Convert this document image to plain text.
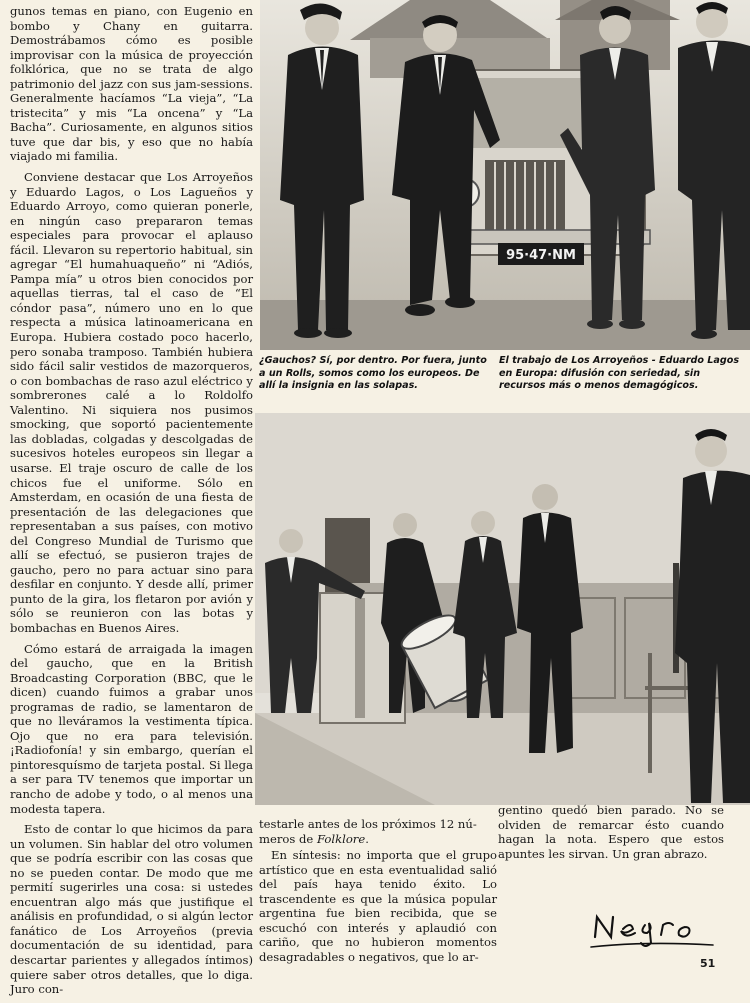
gunos temas en piano, con Eugenio en bombo y Chany en guitarra. Demostrábamos cómo es posible improvisar con la música de proyección folklórica, que no se trata de algo patrimonio del jazz con sus jam-sessions. Generalmente hacíamos “La vieja”, “La tristecita” y mis “La oncena” y “La Bacha”. Curiosamente, en algunos sitios tuve que dar bis, y eso que no había viajado mi familia.

Conviene destacar que Los Arroyeños y Eduardo Lagos, o Los Lagueños y Eduardo Arroyo, como quieran ponerle, en ningún caso prepararon temas especiales para provocar el aplauso fácil. Llevaron su repertorio habitual, sin agregar “El humahuaqueño” ni “Adiós, Pampa mía” u otros bien conocidos por aquellas tierras, tal el caso de “El cóndor pasa”, número uno en lo que respecta a música latinoamericana en Europa. Hubiera costado poco hacerlo, pero sonaba tramposo. También hubiera sido fácil salir vestidos de mazorqueros, o con bombachas de raso azul eléctrico y sombrerones calé a lo Roldolfo Valentino. Ni siquiera nos pusimos smocking, que soportó pacientemente las dobladas, colgadas y descolgadas de sucesivos hoteles europeos sin llegar a usarse. El traje oscuro de calle de los chicos fue el uniforme. Sólo en Amsterdam, en ocasión de una fiesta de presentación de las delegaciones que representaban a sus países, con motivo del Congreso Mundial de Turismo que allí se efectuó, se pusieron trajes de gaucho, pero no para actuar sino para desfilar en conjunto. Y desde allí, primer punto de la gira, los fletaron por avión y sólo se reunieron con las botas y bombachas en Buenos Aires.

Cómo estará de arraigada la imagen del gaucho, que en la British Broadcasting Corporation (BBC, que le dicen) cuando fuimos a grabar unos programas de radio, se lamentaron de que no lleváramos la vestimenta típica. Ojo que no era para televisión. ¡Radiofonía! y sin embargo, querían el pintoresquísmo de tarjeta postal. Si llega a ser para TV tenemos que importar un rancho de adobe y todo, o al menos una modesta tapera.

Esto de contar lo que hicimos da para un volumen. Sin hablar del otro volumen que se podría escribir con las cosas que no se pueden contar. De modo que me permití sugerirles una cosa: si ustedes encuentran algo más que justifique el análisis en profundidad, o si algún lector fanático de Los Arroyeños (previa documentación de su identidad, para descartar parientes y allegados íntimos) quiere saber otros detalles, que lo diga. Juro con-

95·47·NM
¿Gauchos? Sí, por dentro. Por fuera, junto a un Rolls, somos como los europeos. De allí la insignia en las solapas.
El trabajo de Los Arroyeños - Eduardo Lagos en Europa: difusión con seriedad, sin recursos más o menos demagógicos.

testarle antes de los próximos 12 nú-
meros de Folklore.

En síntesis: no importa que el grupo artístico que en esta eventualidad salió del país haya tenido éxito. Lo trascendente es que la música popular argentina fue bien recibida, que se escuchó con interés y aplaudió con cariño, que no hubieron momentos desagradables o negativos, que lo ar-

gentino quedó bien parado. No se olviden de remarcar ésto cuando hagan la nota. Espero que estos apuntes les sirvan. Un gran abrazo.

51
